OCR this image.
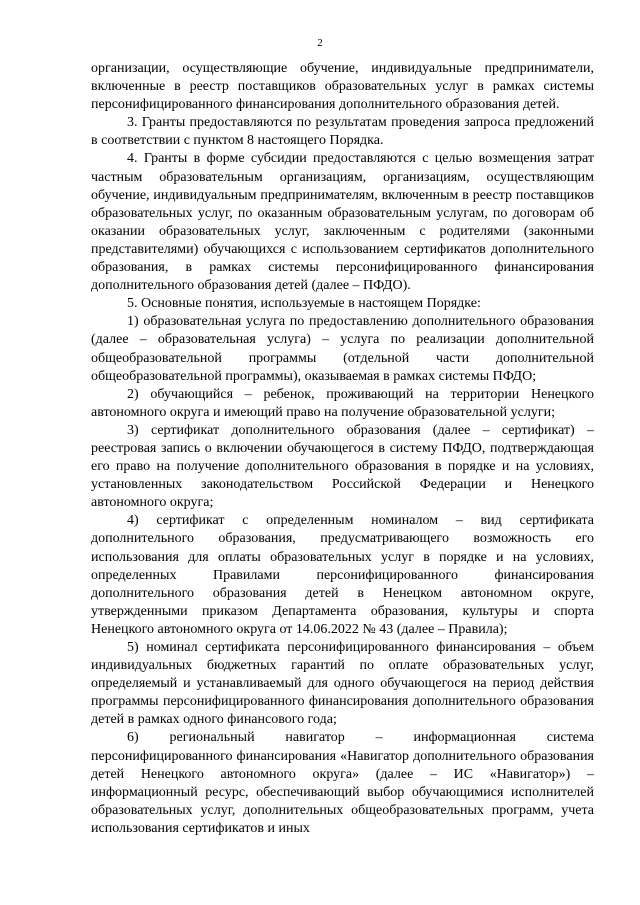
2

организации, осуществляющие обучение, индивидуальные предприниматели, включенные в реестр поставщиков образовательных услуг в рамках системы персонифицированного финансирования дополнительного образования детей.

3. Гранты предоставляются по результатам проведения запроса предложений в соответствии с пунктом 8 настоящего Порядка.

4. Гранты в форме субсидии предоставляются с целью возмещения затрат частным образовательным организациям, организациям, осуществляющим обучение, индивидуальным предпринимателям, включенным в реестр поставщиков образовательных услуг, по оказанным образовательным услугам, по договорам об оказании образовательных услуг, заключенным с родителями (законными представителями) обучающихся с использованием сертификатов дополнительного образования, в рамках системы персонифицированного финансирования дополнительного образования детей (далее – ПФДО).

5. Основные понятия, используемые в настоящем Порядке:

1) образовательная услуга по предоставлению дополнительного образования (далее – образовательная услуга) – услуга по реализации дополнительной общеобразовательной программы (отдельной части дополнительной общеобразовательной программы), оказываемая в рамках системы ПФДО;

2) обучающийся – ребенок, проживающий на территории Ненецкого автономного округа и имеющий право на получение образовательной услуги;

3) сертификат дополнительного образования (далее – сертификат) – реестровая запись о включении обучающегося в систему ПФДО, подтверждающая его право на получение дополнительного образования в порядке и на условиях, установленных законодательством Российской Федерации и Ненецкого автономного округа;

4) сертификат с определенным номиналом – вид сертификата дополнительного образования, предусматривающего возможность его использования для оплаты образовательных услуг в порядке и на условиях, определенных Правилами персонифицированного финансирования дополнительного образования детей в Ненецком автономном округе, утвержденными приказом Департамента образования, культуры и спорта Ненецкого автономного округа от 14.06.2022 № 43 (далее – Правила);

5) номинал сертификата персонифицированного финансирования – объем индивидуальных бюджетных гарантий по оплате образовательных услуг, определяемый и устанавливаемый для одного обучающегося на период действия программы персонифицированного финансирования дополнительного образования детей в рамках одного финансового года;

6) региональный навигатор – информационная система персонифицированного финансирования «Навигатор дополнительного образования детей Ненецкого автономного округа» (далее – ИС «Навигатор») – информационный ресурс, обеспечивающий выбор обучающимися исполнителей образовательных услуг, дополнительных общеобразовательных программ, учета использования сертификатов и иных
